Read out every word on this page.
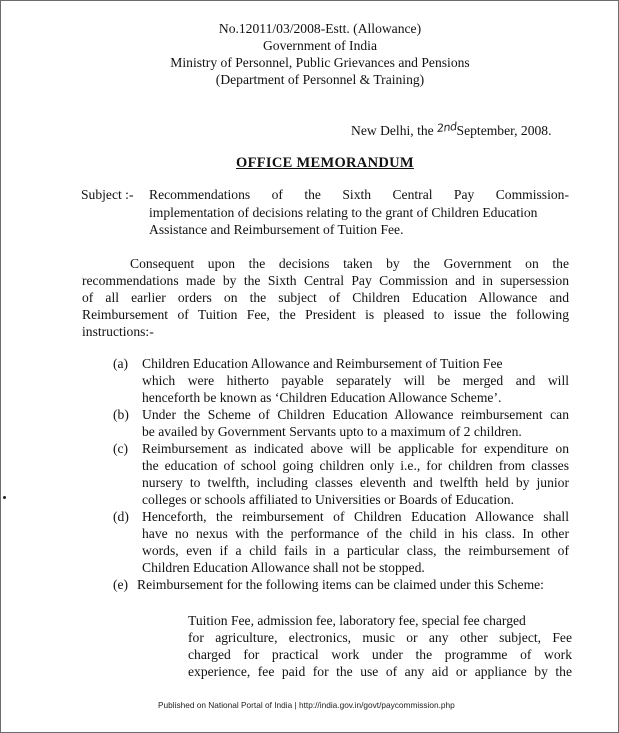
No.12011/03/2008-Estt. (Allowance)
Government of India
Ministry of Personnel, Public Grievances and Pensions
(Department of Personnel & Training)
New Delhi, the 2ndSeptember, 2008.
OFFICE MEMORANDUM
Subject :- Recommendations of the Sixth Central Pay Commission-
implementation of decisions relating to the grant of Children Education
Assistance and Reimbursement of Tuition Fee.
Consequent upon the decisions taken by the Government on the
recommendations made by the Sixth Central Pay Commission and in supersession
of all earlier orders on the subject of Children Education Allowance and
Reimbursement of Tuition Fee, the President is pleased to issue the following
instructions:-
(a) Children Education Allowance and Reimbursement of Tuition Fee
which were hitherto payable separately will be merged and will
henceforth be known as ‘Children Education Allowance Scheme’.
(b) Under the Scheme of Children Education Allowance reimbursement can
be availed by Government Servants upto to a maximum of 2 children.
(c) Reimbursement as indicated above will be applicable for expenditure on
the education of school going children only i.e., for children from classes
nursery to twelfth, including classes eleventh and twelfth held by junior
colleges or schools affiliated to Universities or Boards of Education.
(d) Henceforth, the reimbursement of Children Education Allowance shall
have no nexus with the performance of the child in his class. In other
words, even if a child fails in a particular class, the reimbursement of
Children Education Allowance shall not be stopped.
(e) Reimbursement for the following items can be claimed under this Scheme:
Tuition Fee, admission fee, laboratory fee, special fee charged
for agriculture, electronics, music or any other subject, Fee
charged for practical work under the programme of work
experience, fee paid for the use of any aid or appliance by the
Published on National Portal of India | http://india.gov.in/govt/paycommission.php
